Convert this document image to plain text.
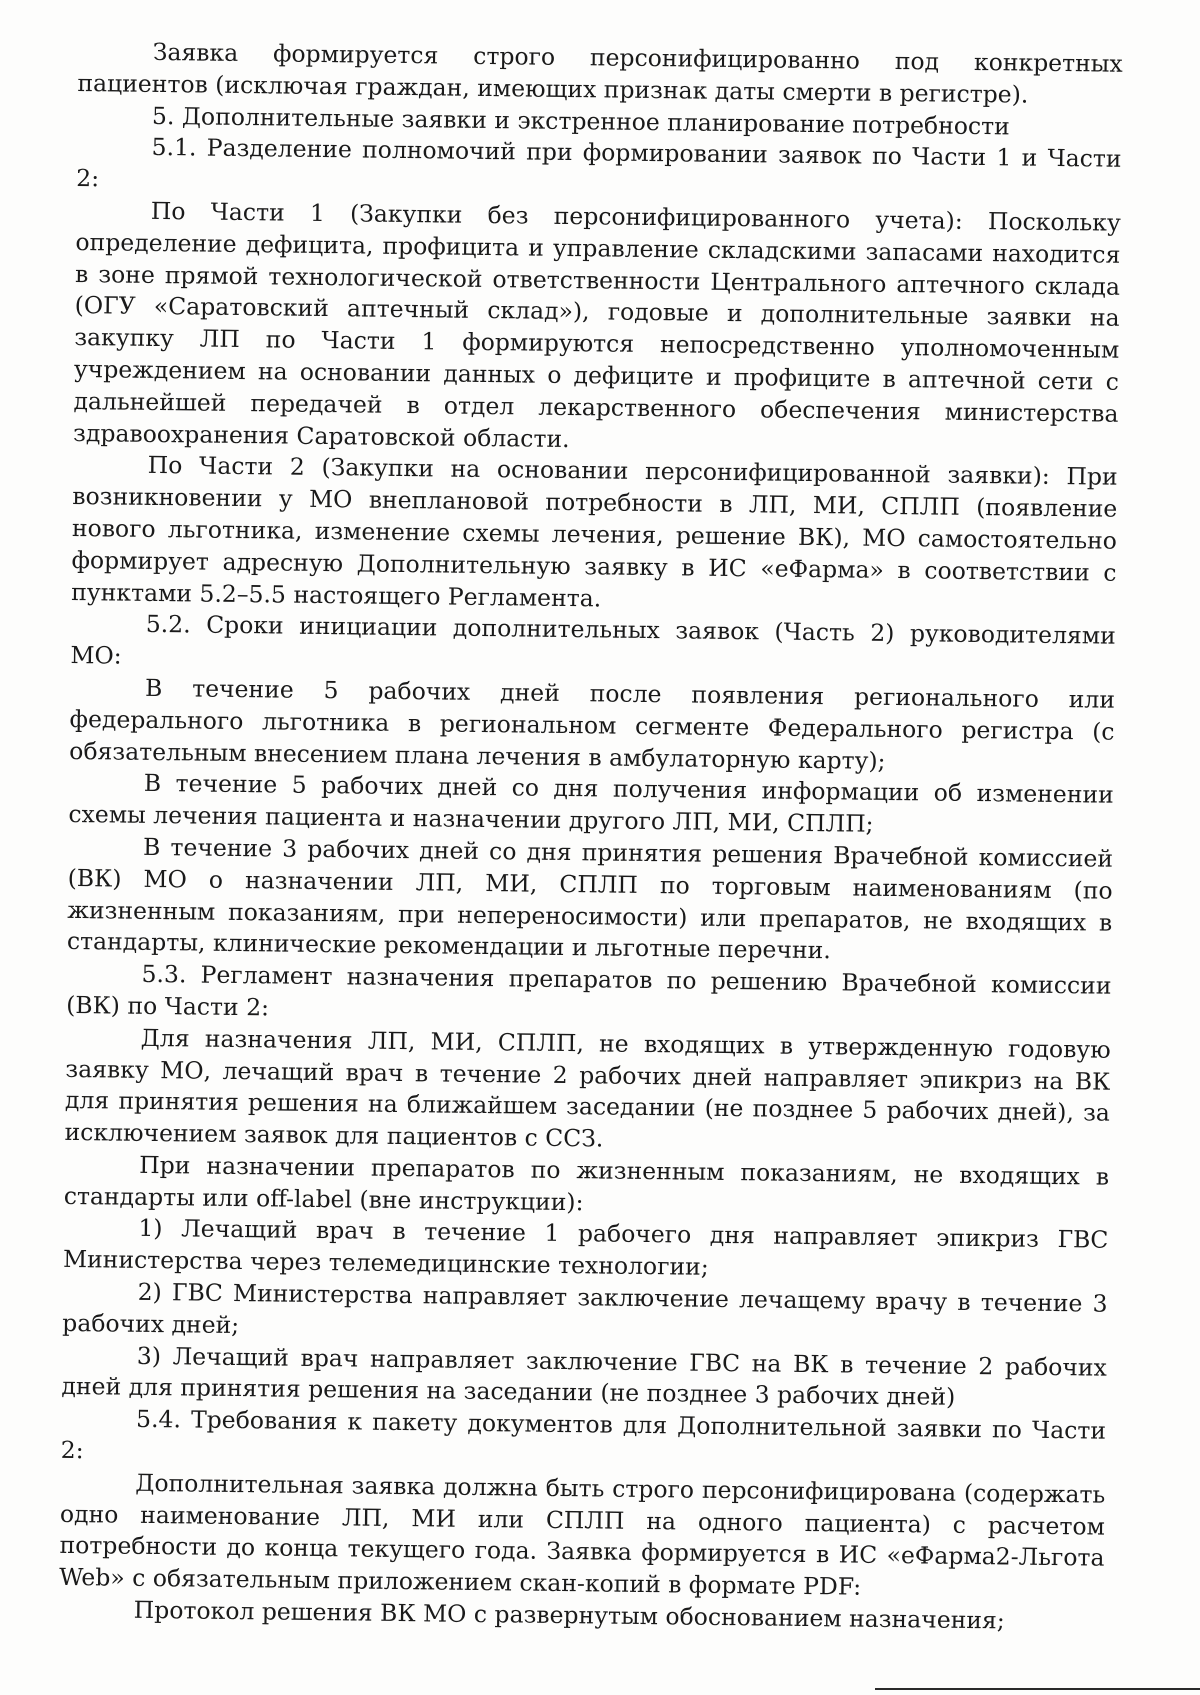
Заявка формируется строго персонифицированно под конкретных пациентов (исключая граждан, имеющих признак даты смерти в регистре).

5. Дополнительные заявки и экстренное планирование потребности

5.1. Разделение полномочий при формировании заявок по Части 1 и Части 2:

По Части 1 (Закупки без персонифицированного учета): Поскольку определение дефицита, профицита и управление складскими запасами находится в зоне прямой технологической ответственности Центрального аптечного склада (ОГУ «Саратовский аптечный склад»), годовые и дополнительные заявки на закупку ЛП по Части 1 формируются непосредственно уполномоченным учреждением на основании данных о дефиците и профиците в аптечной сети с дальнейшей передачей в отдел лекарственного обеспечения министерства здравоохранения Саратовской области.

По Части 2 (Закупки на основании персонифицированной заявки): При возникновении у МО внеплановой потребности в ЛП, МИ, СПЛП (появление нового льготника, изменение схемы лечения, решение ВК), МО самостоятельно формирует адресную Дополнительную заявку в ИС «еФарма» в соответствии с пунктами 5.2–5.5 настоящего Регламента.

5.2. Сроки инициации дополнительных заявок (Часть 2) руководителями МО:

В течение 5 рабочих дней после появления регионального или федерального льготника в региональном сегменте Федерального регистра (с обязательным внесением плана лечения в амбулаторную карту);

В течение 5 рабочих дней со дня получения информации об изменении схемы лечения пациента и назначении другого ЛП, МИ, СПЛП;

В течение 3 рабочих дней со дня принятия решения Врачебной комиссией (ВК) МО о назначении ЛП, МИ, СПЛП по торговым наименованиям (по жизненным показаниям, при непереносимости) или препаратов, не входящих в стандарты, клинические рекомендации и льготные перечни.

5.3. Регламент назначения препаратов по решению Врачебной комиссии (ВК) по Части 2:

Для назначения ЛП, МИ, СПЛП, не входящих в утвержденную годовую заявку МО, лечащий врач в течение 2 рабочих дней направляет эпикриз на ВК для принятия решения на ближайшем заседании (не позднее 5 рабочих дней), за исключением заявок для пациентов с ССЗ.

При назначении препаратов по жизненным показаниям, не входящих в стандарты или off-label (вне инструкции):

1) Лечащий врач в течение 1 рабочего дня направляет эпикриз ГВС Министерства через телемедицинские технологии;

2) ГВС Министерства направляет заключение лечащему врачу в течение 3 рабочих дней;

3) Лечащий врач направляет заключение ГВС на ВК в течение 2 рабочих дней для принятия решения на заседании (не позднее 3 рабочих дней)

5.4. Требования к пакету документов для Дополнительной заявки по Части 2:

Дополнительная заявка должна быть строго персонифицирована (содержать одно наименование ЛП, МИ или СПЛП на одного пациента) с расчетом потребности до конца текущего года. Заявка формируется в ИС «еФарма2-Льгота Web» с обязательным приложением скан-копий в формате PDF:

Протокол решения ВК МО с развернутым обоснованием назначения;
